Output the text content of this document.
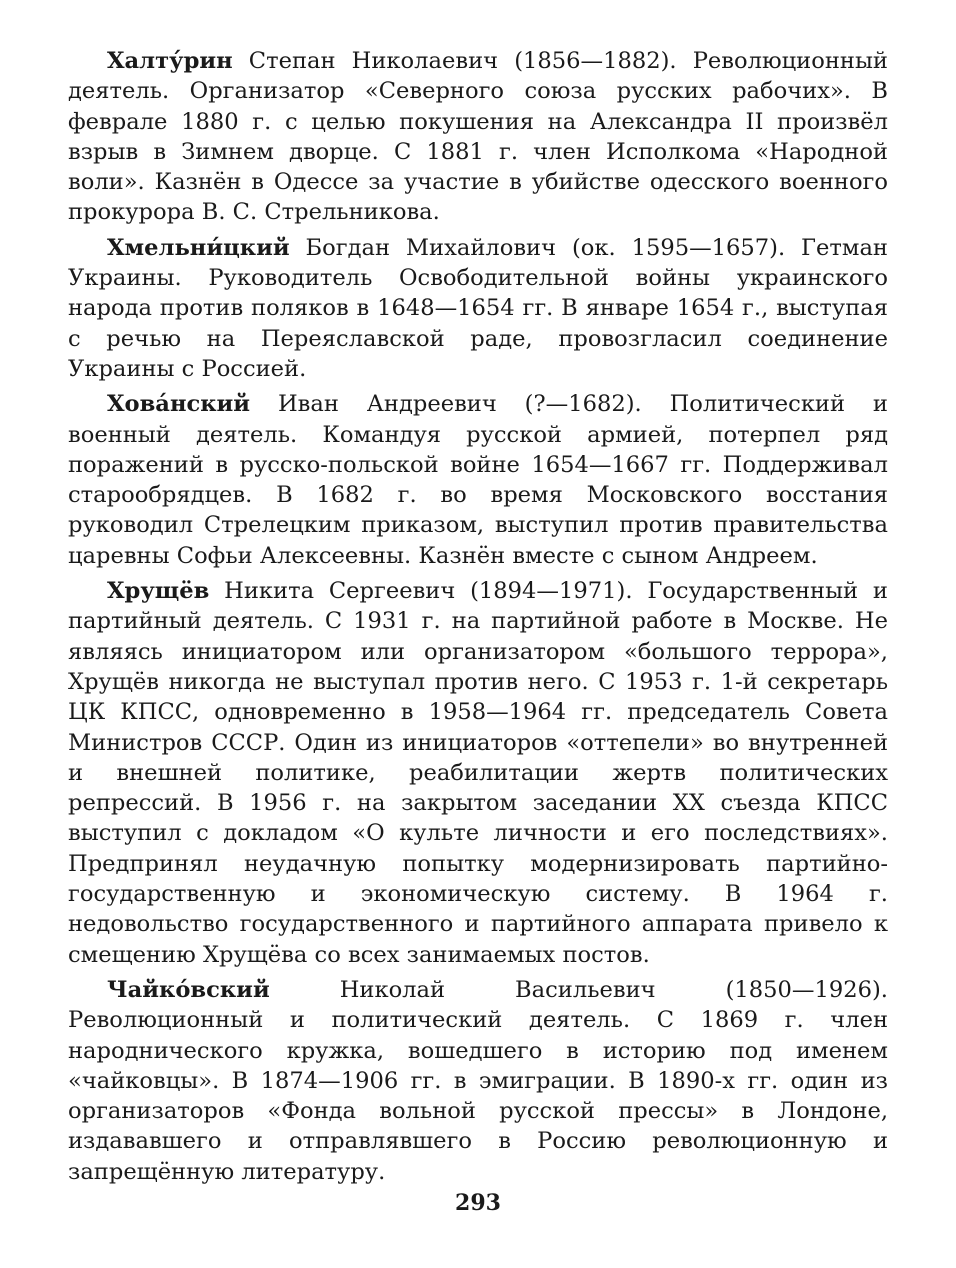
Халту́рин Степан Николаевич (1856—1882). Революционный деятель. Организатор «Северного союза русских рабочих». В феврале 1880 г. с целью покушения на Александра II произвёл взрыв в Зимнем дворце. С 1881 г. член Исполкома «Народной воли». Казнён в Одессе за участие в убийстве одесского военного прокурора В. С. Стрельникова.

Хмельни́цкий Богдан Михайлович (ок. 1595—1657). Гетман Украины. Руководитель Освободительной войны украинского народа против поляков в 1648—1654 гг. В январе 1654 г., выступая с речью на Переяславской раде, провозгласил соединение Украины с Россией.

Хова́нский Иван Андреевич (?—1682). Политический и военный деятель. Командуя русской армией, потерпел ряд поражений в русско-польской войне 1654—1667 гг. Поддерживал старообрядцев. В 1682 г. во время Московского восстания руководил Стрелецким приказом, выступил против правительства царевны Софьи Алексеевны. Казнён вместе с сыном Андреем.

Хрущёв Никита Сергеевич (1894—1971). Государственный и партийный деятель. С 1931 г. на партийной работе в Москве. Не являясь инициатором или организатором «большого террора», Хрущёв никогда не выступал против него. С 1953 г. 1-й секретарь ЦК КПСС, одновременно в 1958—1964 гг. председатель Совета Министров СССР. Один из инициаторов «оттепели» во внутренней и внешней политике, реабилитации жертв политических репрессий. В 1956 г. на закрытом заседании XX съезда КПСС выступил с докладом «О культе личности и его последствиях». Предпринял неудачную попытку модернизировать партийно-государственную и экономическую систему. В 1964 г. недовольство государственного и партийного аппарата привело к смещению Хрущёва со всех занимаемых постов.

Чайко́вский Николай Васильевич (1850—1926). Революционный и политический деятель. С 1869 г. член народнического кружка, вошедшего в историю под именем «чайковцы». В 1874—1906 гг. в эмиграции. В 1890-х гг. один из организаторов «Фонда вольной русской прессы» в Лондоне, издававшего и отправлявшего в Россию революционную и запрещённую литературу.

293
